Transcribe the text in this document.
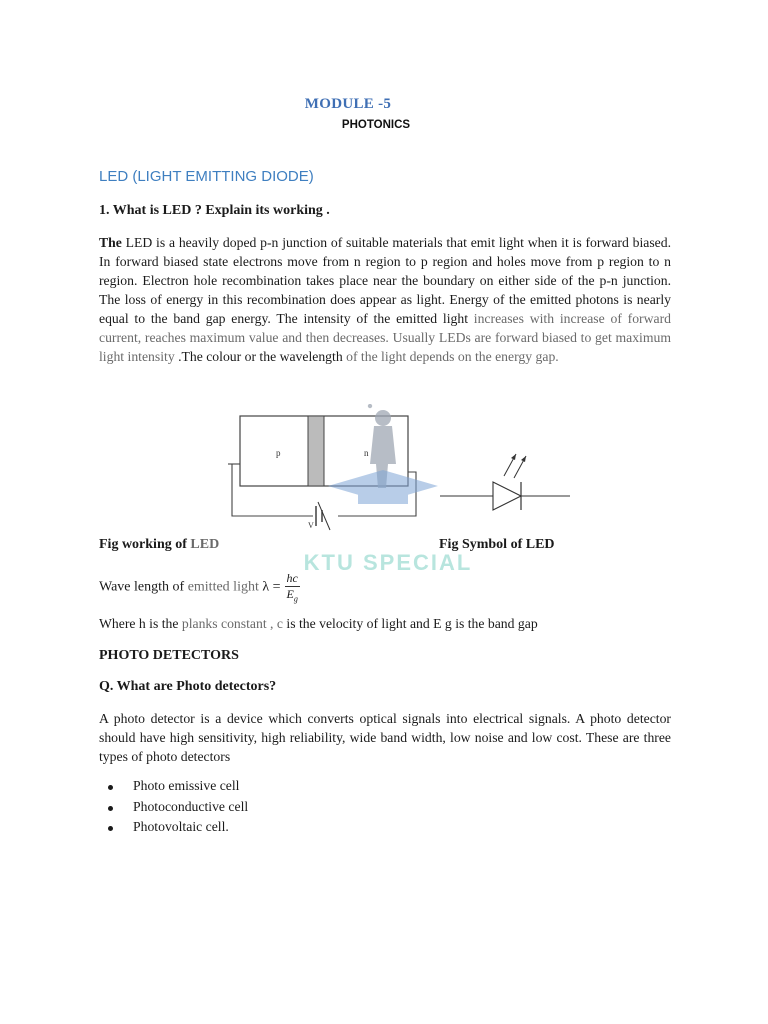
MODULE -5
PHOTONICS
LED (LIGHT EMITTING DIODE)
1. What is LED ? Explain its working .
The LED is a heavily doped p-n junction of suitable materials that emit light when it is forward biased. In forward biased state electrons move from n region to p region and holes move from p region to n region. Electron hole recombination takes place near the boundary on either side of the p-n junction. The loss of energy in this recombination does appear as light. Energy of the emitted photons is nearly equal to the band gap energy. The intensity of the emitted light increases with increase of forward current, reaches maximum value and then decreases. Usually LEDs are forward biased to get maximum light intensity .The colour or the wavelength of the light depends on the energy gap.
p	n
V
Fig working of LED	Fig Symbol of LED
KTU SPECIAL
Wave length of emitted light $\lambda = \frac{hc}{E_g}$
Where h is the planks constant , c is the velocity of light and E g is the band gap
PHOTO DETECTORS
Q. What are Photo detectors?
A photo detector is a device which converts optical signals into electrical signals. A photo detector should have high sensitivity, high reliability, wide band width, low noise and low cost. These are three types of photo detectors
Photo emissive cell
Photoconductive cell
Photovoltaic cell.
